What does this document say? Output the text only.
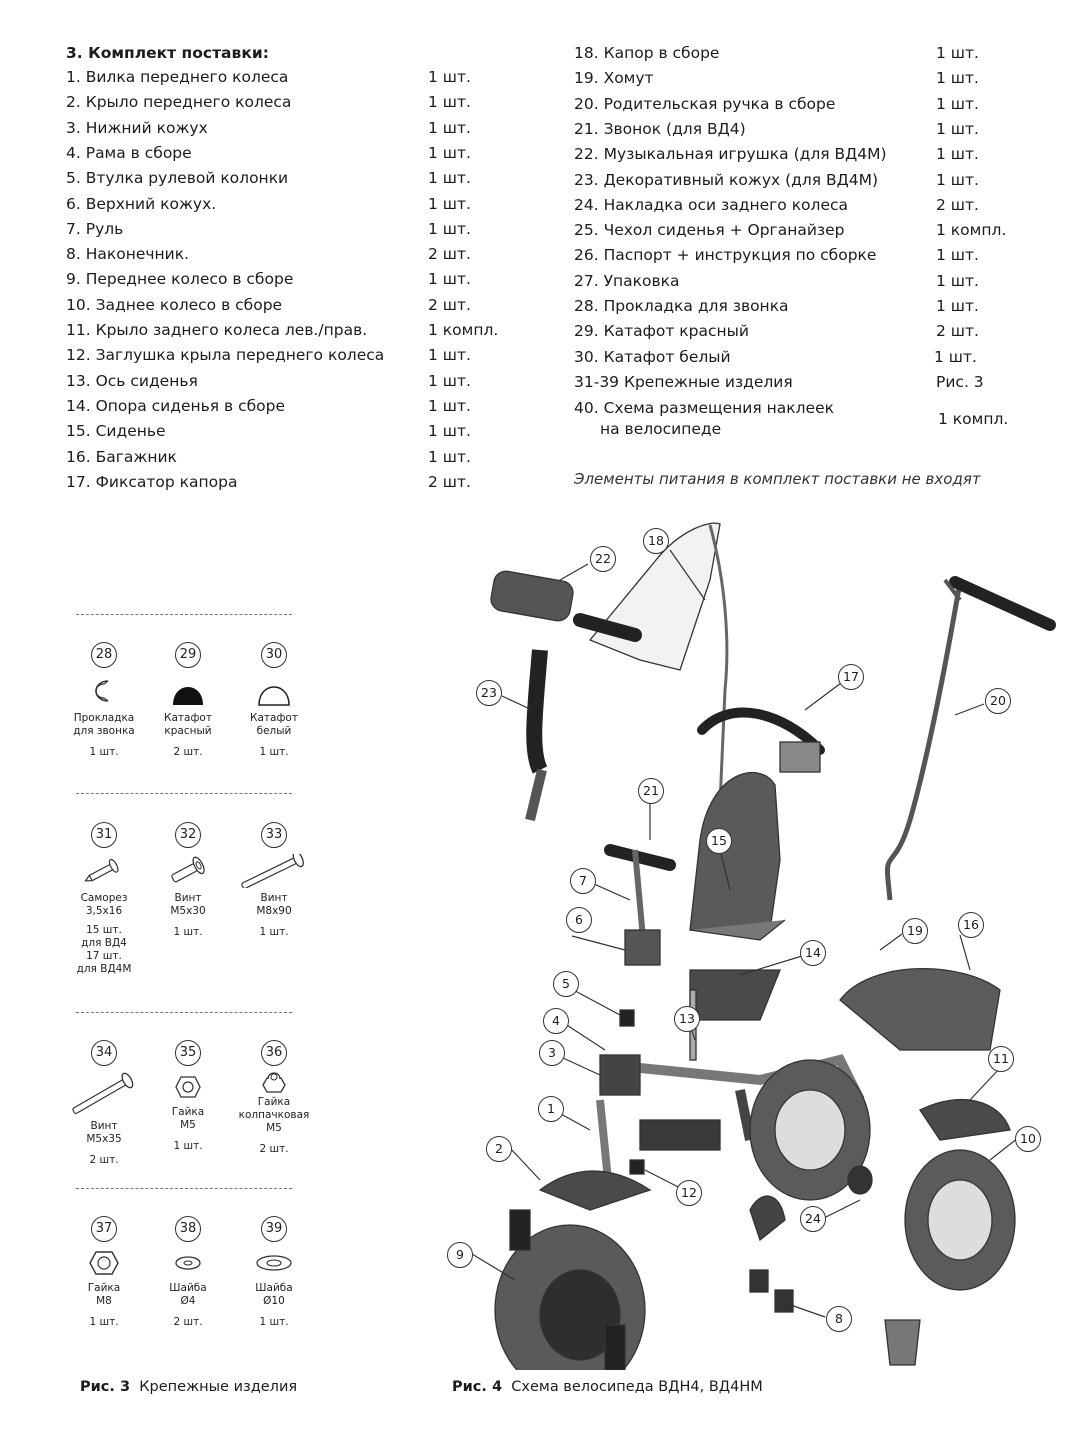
3. Комплект поставки:
1. Вилка переднего колеса	1 шт.
2. Крыло переднего колеса	1 шт.
3. Нижний кожух	1 шт.
4. Рама в сборе	1 шт.
5. Втулка рулевой колонки	1 шт.
6. Верхний кожух.	1 шт.
7. Руль	1 шт.
8. Наконечник.	2 шт.
9. Переднее колесо в сборе	1 шт.
10. Заднее колесо в сборе	2 шт.
11. Крыло заднего колеса лев./прав.	1 компл.
12. Заглушка крыла переднего колеса	1 шт.
13. Ось сиденья	1 шт.
14. Опора сиденья в сборе	1 шт.
15. Сиденье	1 шт.
16. Багажник	1 шт.
17. Фиксатор капора	2 шт.
18. Капор в сборе	1 шт.
19. Хомут	1 шт.
20. Родительская ручка в сборе	1 шт.
21. Звонок (для ВД4)	1 шт.
22. Музыкальная игрушка (для ВД4М)	1 шт.
23. Декоративный кожух (для ВД4М)	1 шт.
24. Накладка оси заднего колеса	2 шт.
25. Чехол сиденья + Органайзер	1 компл.
26. Паспорт + инструкция по сборке	1 шт.
27. Упаковка	1 шт.
28. Прокладка для звонка	1 шт.
29. Катафот красный	2 шт.
30. Катафот белый	1 шт.
31-39 Крепежные изделия	Рис. 3
40. Схема размещения наклеек
на велосипеде
1 компл.
Элементы питания в комплект поставки не входят
28
Прокладка
для звонка
1 шт.
29
Катафот
красный
2 шт.
30
Катафот
белый
1 шт.
31
Саморез
3,5x16
15 шт.
для ВД4
17 шт.
для ВД4М
32
Винт
М5x30
1 шт.
33
Винт
М8x90
1 шт.
34
Винт
М5x35
2 шт.
35
Гайка
М5
1 шт.
36
Гайка
колпачковая
М5
2 шт.
37
Гайка
М8
1 шт.
38
Шайба
Ø4
2 шт.
39
Шайба
Ø10
1 шт.
Рис. 3 Крепежные изделия	Рис. 4 Схема велосипеда ВДН4, ВД4НМ
22
18
23
17
20
21
15
7
6
19	16
14
5
13
4
3	11
1
10
2
12
24
9
8
